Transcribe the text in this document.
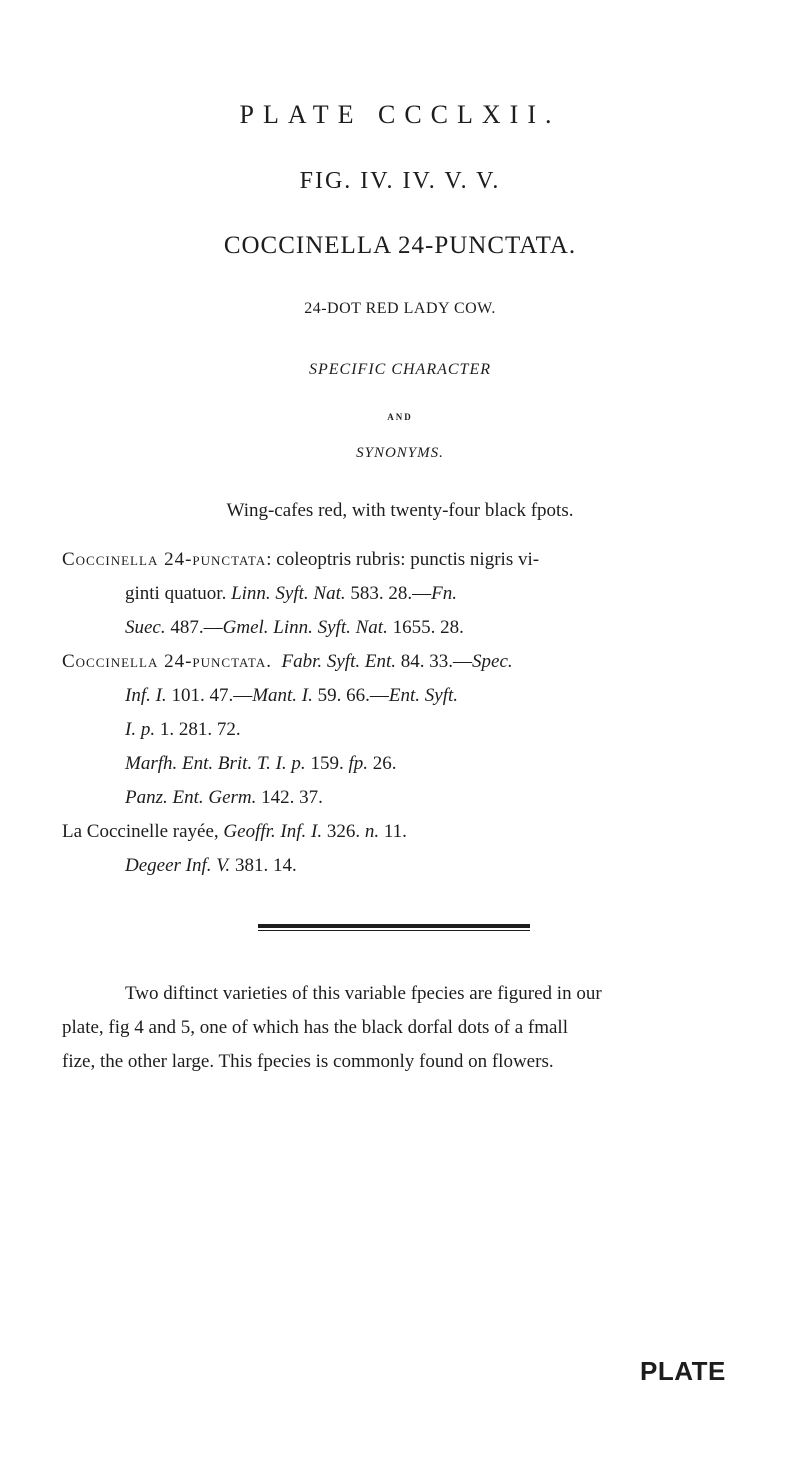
PLATE CCCLXII.
FIG. IV. IV. V. V.
COCCINELLA 24-PUNCTATA.
24-DOT RED LADY COW.
SPECIFIC CHARACTER
AND
SYNONYMS.
Wing-cafes red, with twenty-four black fpots.
Coccinella 24-punctata: coleoptris rubris: punctis nigris vi-
ginti quatuor. Linn. Syft. Nat. 583. 28.—Fn.
Suec. 487.—Gmel. Linn. Syft. Nat. 1655. 28.
Coccinella 24-punctata. Fabr. Syft. Ent. 84. 33.—Spec.
Inf. I. 101. 47.—Mant. I. 59. 66.—Ent. Syft.
I. p. 1. 281. 72.
Marfh. Ent. Brit. T. I. p. 159. fp. 26.
Panz. Ent. Germ. 142. 37.
La Coccinelle rayée, Geoffr. Inf. I. 326. n. 11.
Degeer Inf. V. 381. 14.
Two diftinct varieties of this variable fpecies are figured in our
plate, fig 4 and 5, one of which has the black dorfal dots of a fmall
fize, the other large. This fpecies is commonly found on flowers.
PLATE
